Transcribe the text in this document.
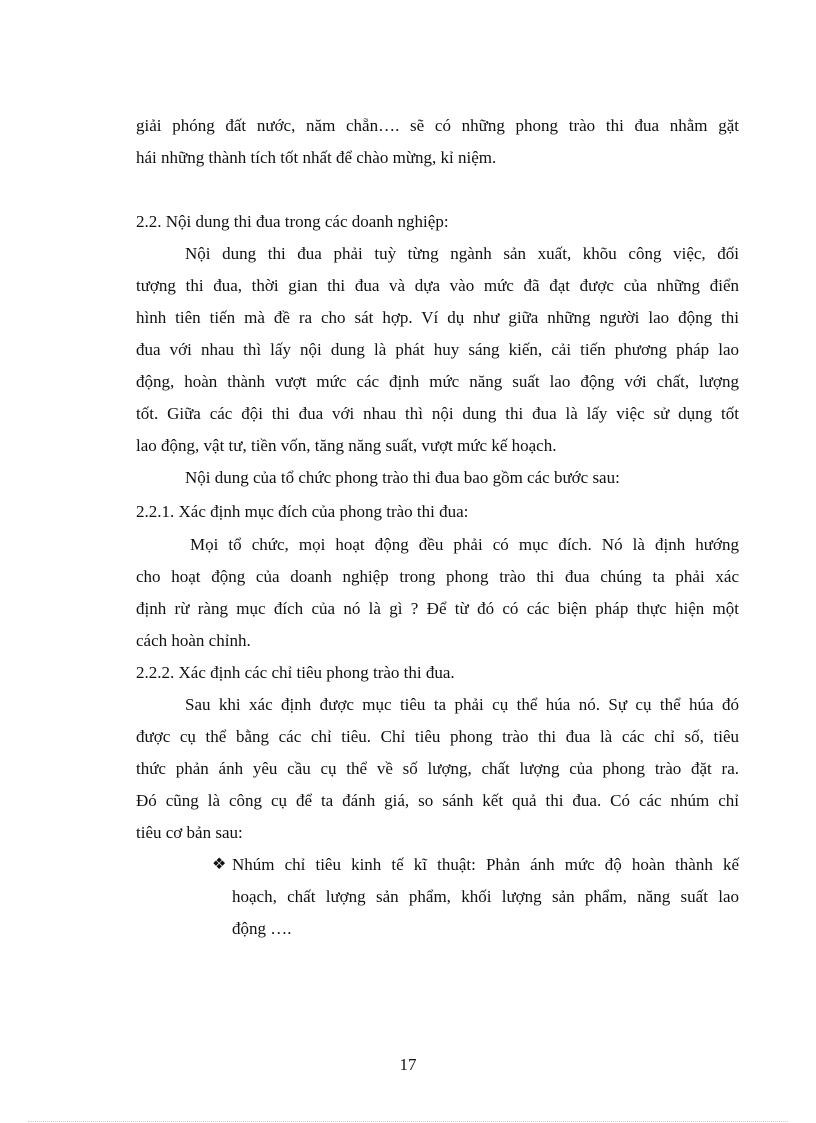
giải phóng đất nước, năm chẵn…. sẽ có những phong trào thi đua nhằm gặt
hái những thành tích tốt nhất để chào mừng, kỉ niệm.
2.2. Nội dung thi đua trong các doanh nghiệp:
Nội dung thi đua phải tuỳ từng ngành sản xuất, khõu công việc, đối
tượng thi đua, thời gian thi đua và dựa vào mức đã đạt được của những điển
hình tiên tiến mà đề ra cho sát hợp. Ví dụ như giữa những người lao động thi
đua với nhau thì lấy nội dung là phát huy sáng kiến, cải tiến phương pháp lao
động, hoàn thành vượt mức các định mức năng suất lao động với chất, lượng
tốt. Giữa các đội thi đua với nhau thì nội dung thi đua là lấy việc sử dụng tốt
lao động, vật tư, tiền vốn, tăng năng suất, vượt mức kế hoạch.
Nội dung của tổ chức phong trào thi đua bao gồm các bước sau:
2.2.1. Xác định mục đích của phong trào thi đua:
Mọi tổ chức, mọi hoạt động đều phải có mục đích. Nó là định hướng
cho hoạt động của doanh nghiệp trong phong trào thi đua chúng ta phải xác
định rừ ràng mục đích của nó là gì ? Để từ đó có các biện pháp thực hiện một
cách hoàn chỉnh.
2.2.2. Xác định các chỉ tiêu phong trào thi đua.
Sau khi xác định được mục tiêu ta phải cụ thể húa nó. Sự cụ thể húa đó
được cụ thể bằng các chỉ tiêu. Chỉ tiêu phong trào thi đua là các chỉ số, tiêu
thức phản ánh yêu cầu cụ thể về số lượng, chất lượng của phong trào đặt ra.
Đó cũng là công cụ để ta đánh giá, so sánh kết quả thi đua. Có các nhúm chỉ
tiêu cơ bản sau:
❖ Nhúm chỉ tiêu kinh tế kĩ thuật: Phản ánh mức độ hoàn thành kế
hoạch, chất lượng sản phẩm, khối lượng sản phẩm, năng suất lao
động ….
17
